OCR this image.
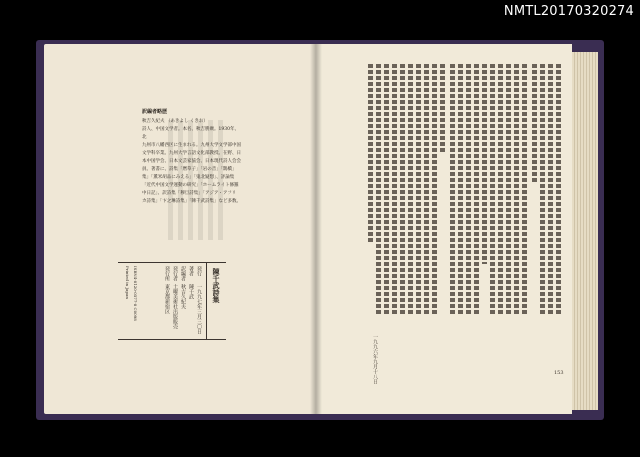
NMTL20170320274
訳編者略歴
秋吉久紀夫 （あきよし くきお）
詩人、中国文学者。本名、秋吉勝廣。1930年、北
九州市八幡西区に生まれる。九州大学文学部中国
文学科卒業。九州大学言語文化部教授。在野、日
本中国学会、日本文芸家協会、日本現代詩人会会
員。著書に、詩集「暦草子」「岩の音」「鵲橋」
集」「薫米胡品にみえる」「鬼北疑想」、評論集
「近代中国文学運動の研究」「ホームライト修羅
中日記」、訳詩集「穆旦詩集」「アジア・アフリ
カ詩集」「卞之琳詩集」「陳千武詩集」など多数。
陳千武詩集
発行
著者
訳編者
発行者
発行所
一九九七年三月三〇日
陳千武
秋吉久紀夫
土曜美術社出版販売
東京都新宿区
ISBN4-8120-0577-8 C0098
Printed in Japan
一九九六年九月十八日	153
